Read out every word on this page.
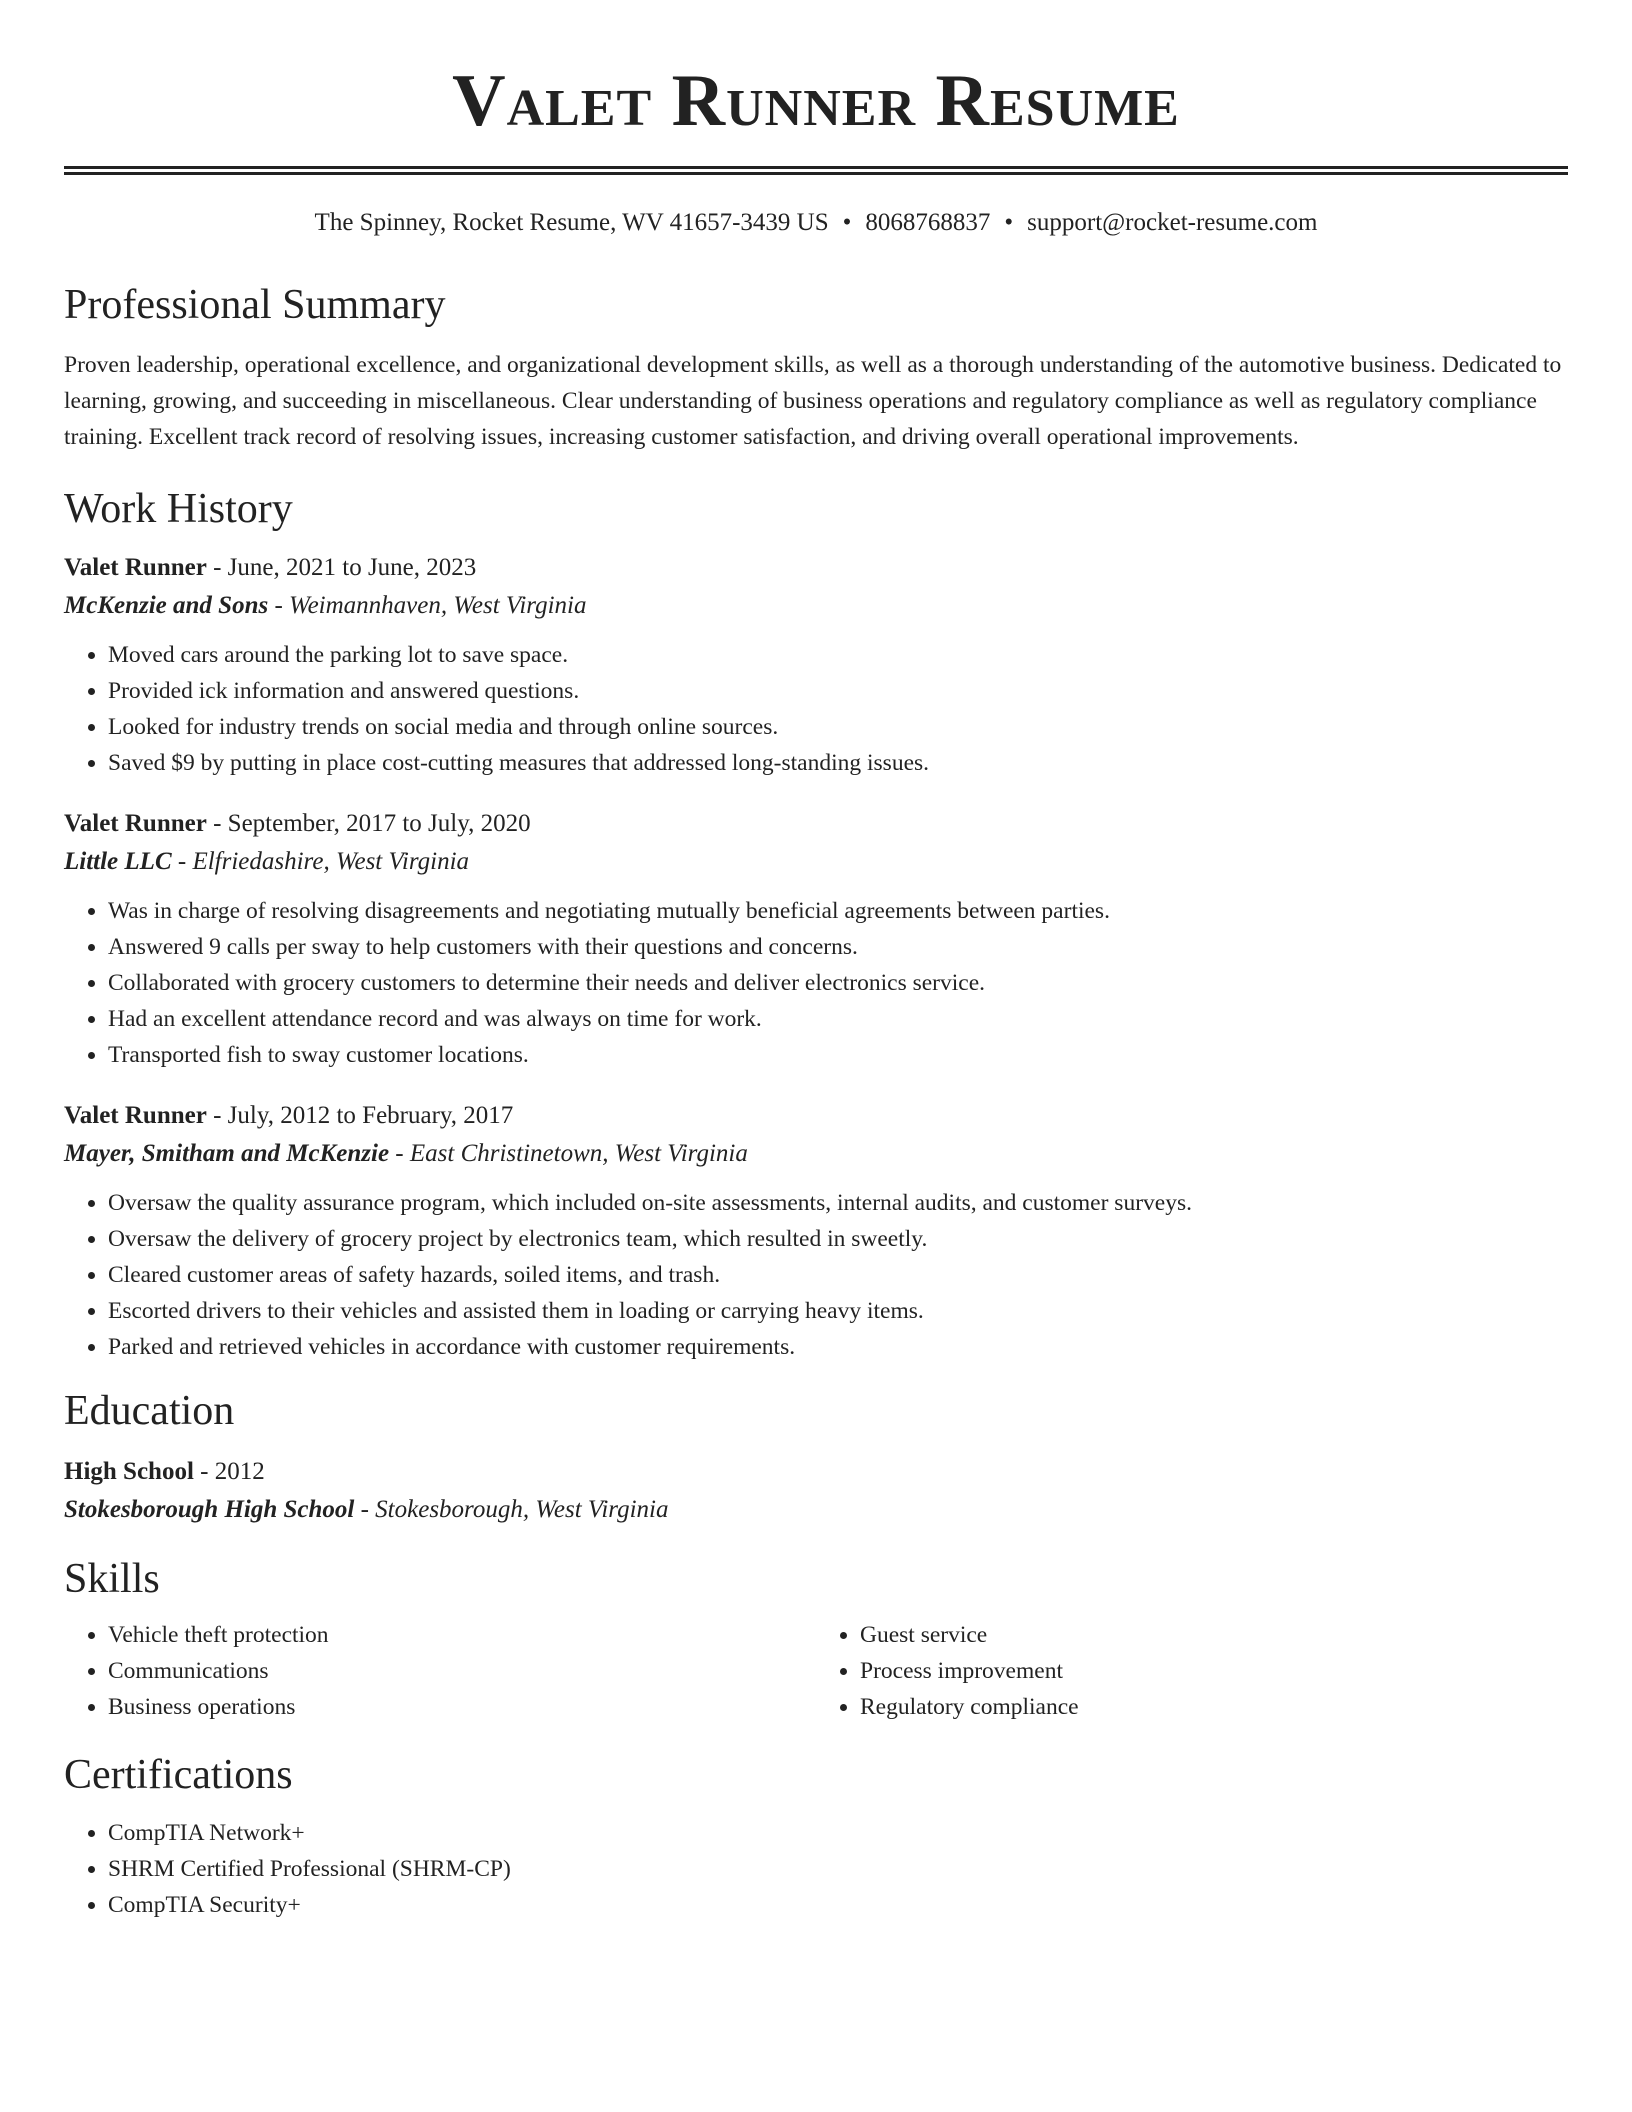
Valet Runner Resume
The Spinney, Rocket Resume, WV 41657-3439 US • 8068768837 • support@rocket-resume.com
Professional Summary

Proven leadership, operational excellence, and organizational development skills, as well as a thorough understanding of the automotive business. Dedicated to learning, growing, and succeeding in miscellaneous. Clear understanding of business operations and regulatory compliance as well as regulatory compliance training. Excellent track record of resolving issues, increasing customer satisfaction, and driving overall operational improvements.

Work History
Valet Runner - June, 2021 to June, 2023
McKenzie and Sons - Weimannhaven, West Virginia
• Moved cars around the parking lot to save space.
• Provided ick information and answered questions.
• Looked for industry trends on social media and through online sources.
• Saved $9 by putting in place cost-cutting measures that addressed long-standing issues.
Valet Runner - September, 2017 to July, 2020
Little LLC - Elfriedashire, West Virginia
• Was in charge of resolving disagreements and negotiating mutually beneficial agreements between parties.
• Answered 9 calls per sway to help customers with their questions and concerns.
• Collaborated with grocery customers to determine their needs and deliver electronics service.
• Had an excellent attendance record and was always on time for work.
• Transported fish to sway customer locations.
Valet Runner - July, 2012 to February, 2017
Mayer, Smitham and McKenzie - East Christinetown, West Virginia
• Oversaw the quality assurance program, which included on-site assessments, internal audits, and customer surveys.
• Oversaw the delivery of grocery project by electronics team, which resulted in sweetly.
• Cleared customer areas of safety hazards, soiled items, and trash.
• Escorted drivers to their vehicles and assisted them in loading or carrying heavy items.
• Parked and retrieved vehicles in accordance with customer requirements.
Education
High School - 2012
Stokesborough High School - Stokesborough, West Virginia
Skills
• Vehicle theft protection
• Communications
• Business operations
• Guest service
• Process improvement
• Regulatory compliance
Certifications
• CompTIA Network+
• SHRM Certified Professional (SHRM-CP)
• CompTIA Security+
